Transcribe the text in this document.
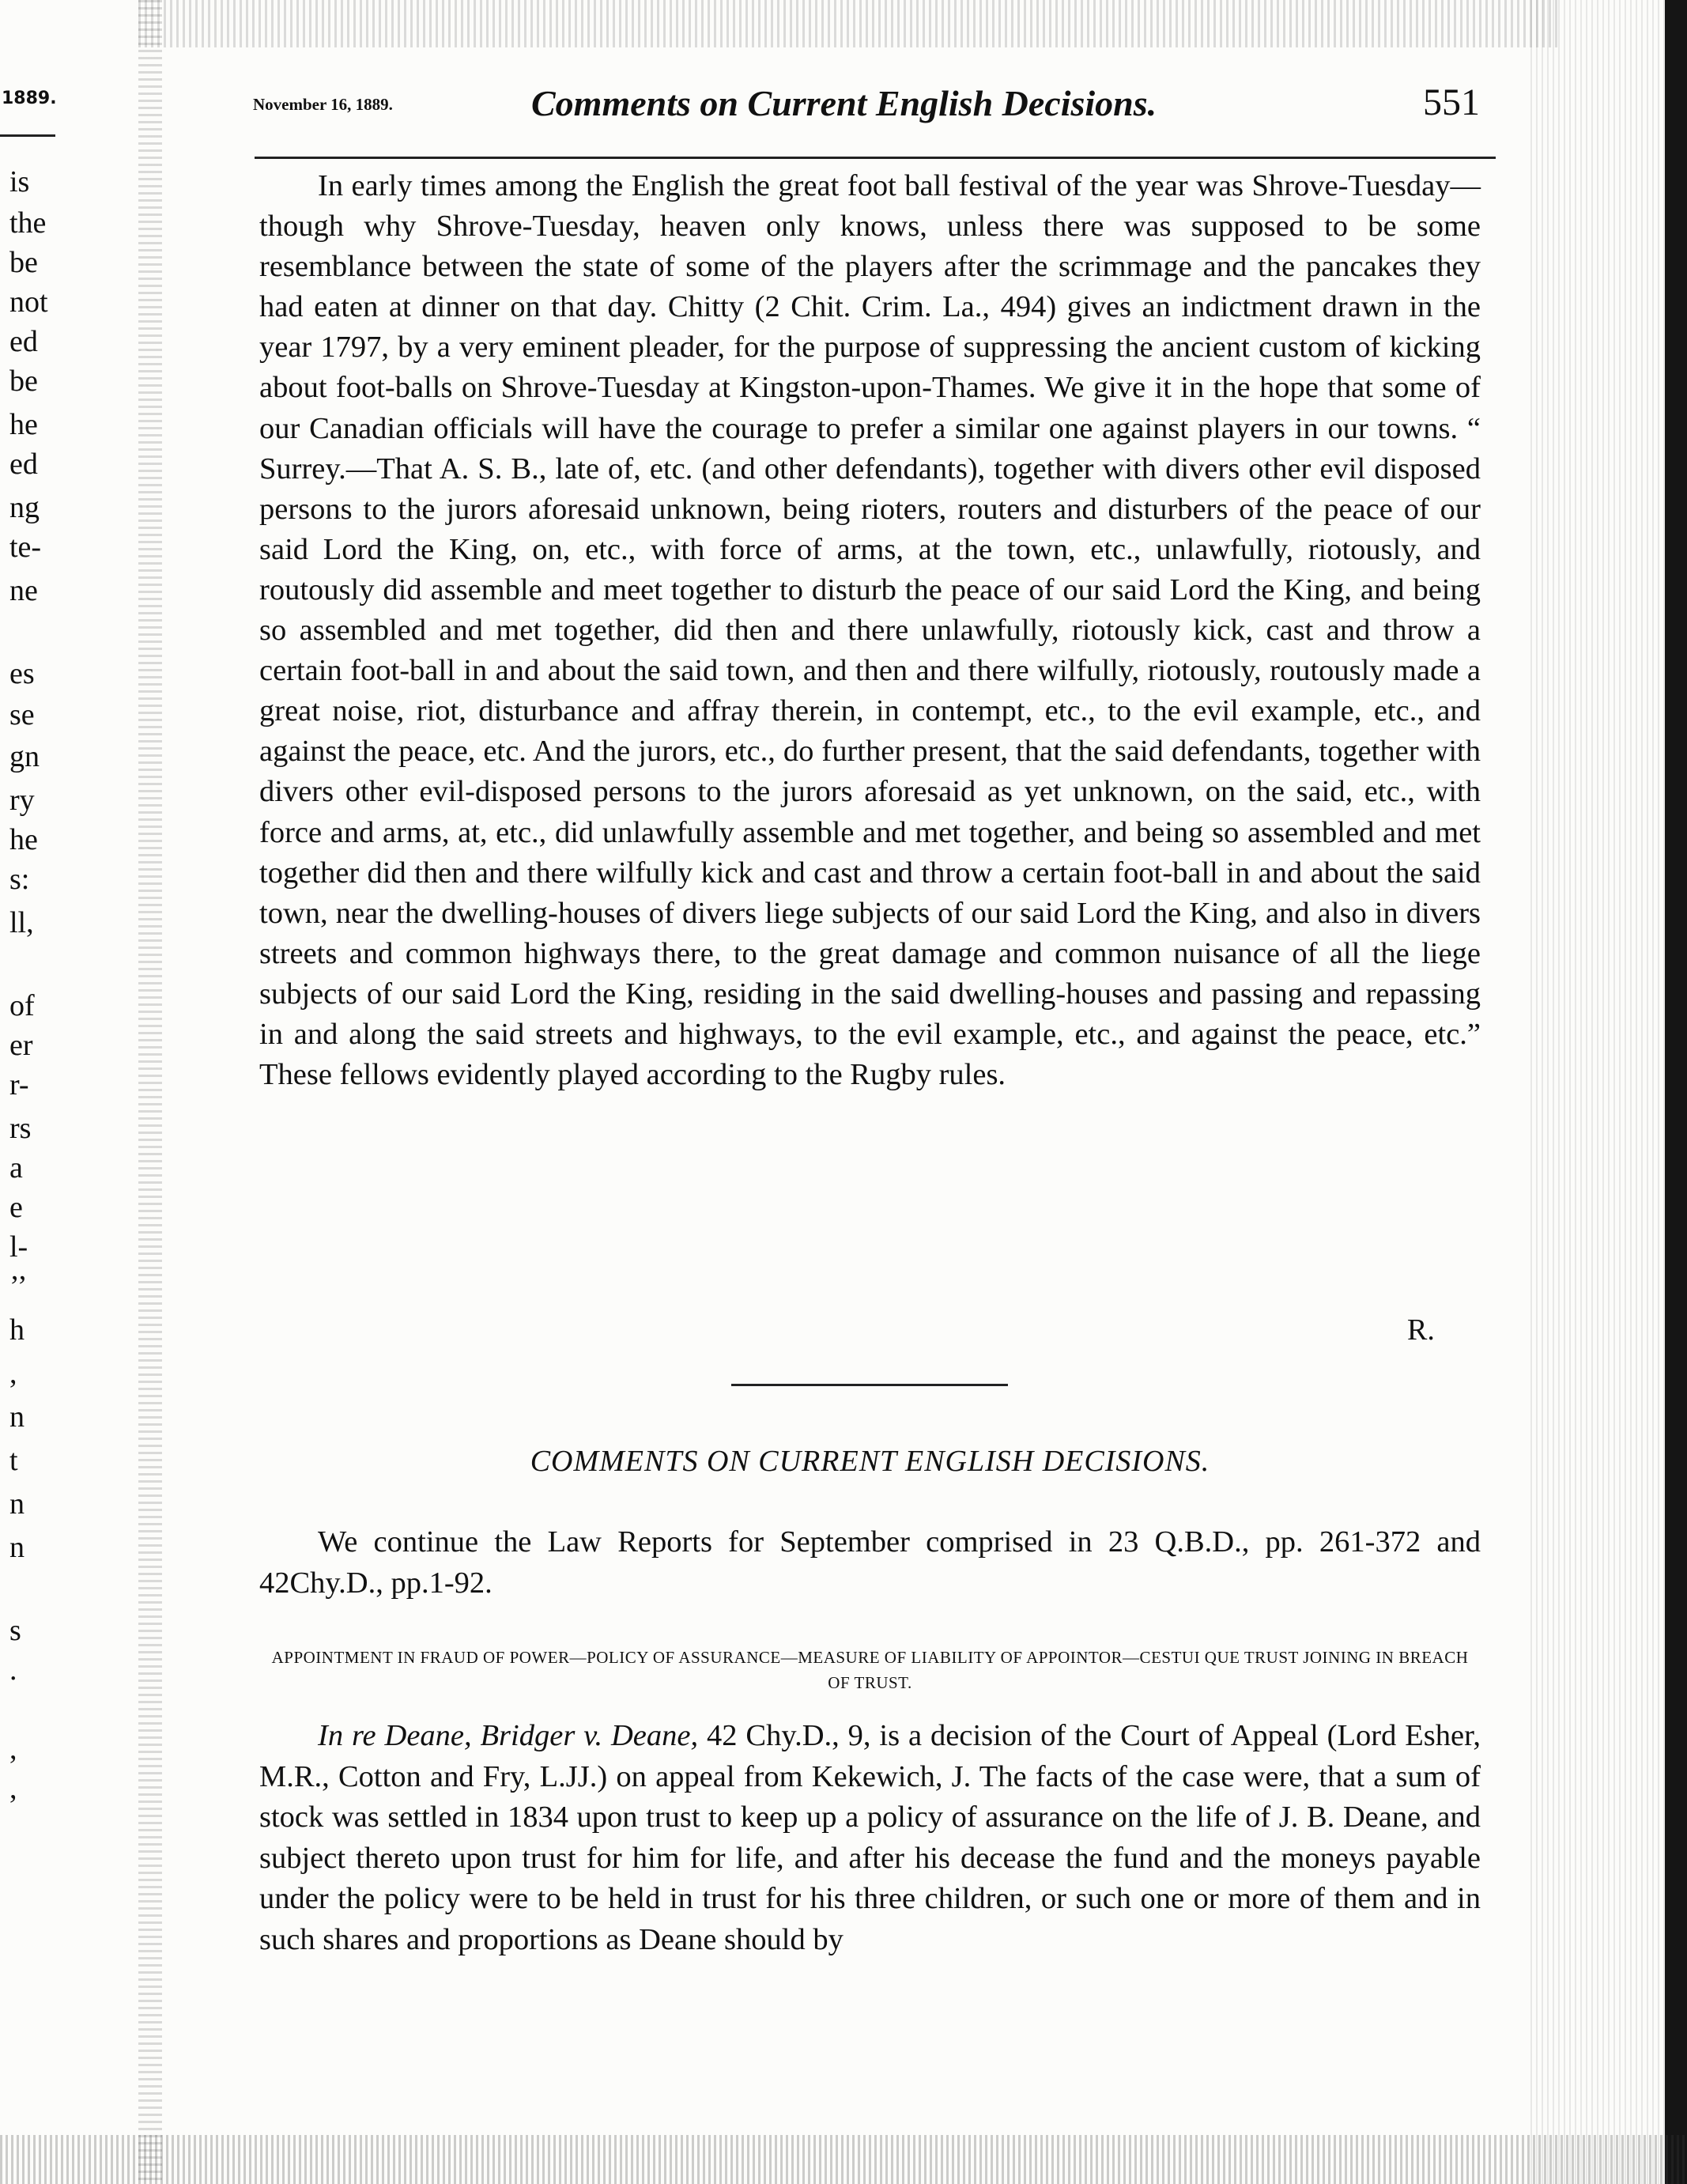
1889.
is
the
be
not
ed
be
he
ed
ng
te-
ne
es
se
gn
ry
he
s:
ll,
of
er
r-
rs
a
e
l-
’’
h
,
n
t
n
n
s
.
,
,
November 16, 1889.	Comments on Current English Decisions.	551

In early times among the English the great foot ball festival of the year was Shrove-Tuesday—though why Shrove-Tuesday, heaven only knows, unless there was supposed to be some resemblance between the state of some of the players after the scrimmage and the pancakes they had eaten at dinner on that day. Chitty (2 Chit. Crim. La., 494) gives an indictment drawn in the year 1797, by a very eminent pleader, for the purpose of suppressing the ancient custom of kicking about foot-balls on Shrove-Tuesday at Kingston-upon-Thames. We give it in the hope that some of our Canadian officials will have the courage to prefer a similar one against players in our towns. “ Surrey.—That A. S. B., late of, etc. (and other defendants), together with divers other evil disposed persons to the jurors aforesaid unknown, being rioters, routers and disturbers of the peace of our said Lord the King, on, etc., with force of arms, at the town, etc., unlawfully, riotously, and routously did assemble and meet together to disturb the peace of our said Lord the King, and being so assembled and met together, did then and there unlawfully, riotously kick, cast and throw a certain foot-ball in and about the said town, and then and there wilfully, riotously, routously made a great noise, riot, disturbance and affray therein, in contempt, etc., to the evil example, etc., and against the peace, etc. And the jurors, etc., do further present, that the said defendants, together with divers other evil-disposed persons to the jurors aforesaid as yet unknown, on the said, etc., with force and arms, at, etc., did unlawfully assemble and met together, and being so assembled and met together did then and there wilfully kick and cast and throw a certain foot-ball in and about the said town, near the dwelling-houses of divers liege subjects of our said Lord the King, and also in divers streets and common highways there, to the great damage and common nuisance of all the liege subjects of our said Lord the King, residing in the said dwelling-houses and passing and repassing in and along the said streets and highways, to the evil example, etc., and against the peace, etc.” These fellows evidently played according to the Rugby rules.

R.
COMMENTS ON CURRENT ENGLISH DECISIONS.

We continue the Law Reports for September comprised in 23 Q.B.D., pp. 261-372 and 42Chy.D., pp.1-92.

APPOINTMENT IN FRAUD OF POWER—POLICY OF ASSURANCE—MEASURE OF LIABILITY OF APPOINTOR—CESTUI QUE TRUST JOINING IN BREACH OF TRUST.

In re Deane, Bridger v. Deane, 42 Chy.D., 9, is a decision of the Court of Appeal (Lord Esher, M.R., Cotton and Fry, L.JJ.) on appeal from Kekewich, J. The facts of the case were, that a sum of stock was settled in 1834 upon trust to keep up a policy of assurance on the life of J. B. Deane, and subject thereto upon trust for him for life, and after his decease the fund and the moneys payable under the policy were to be held in trust for his three children, or such one or more of them and in such shares and proportions as Deane should by
